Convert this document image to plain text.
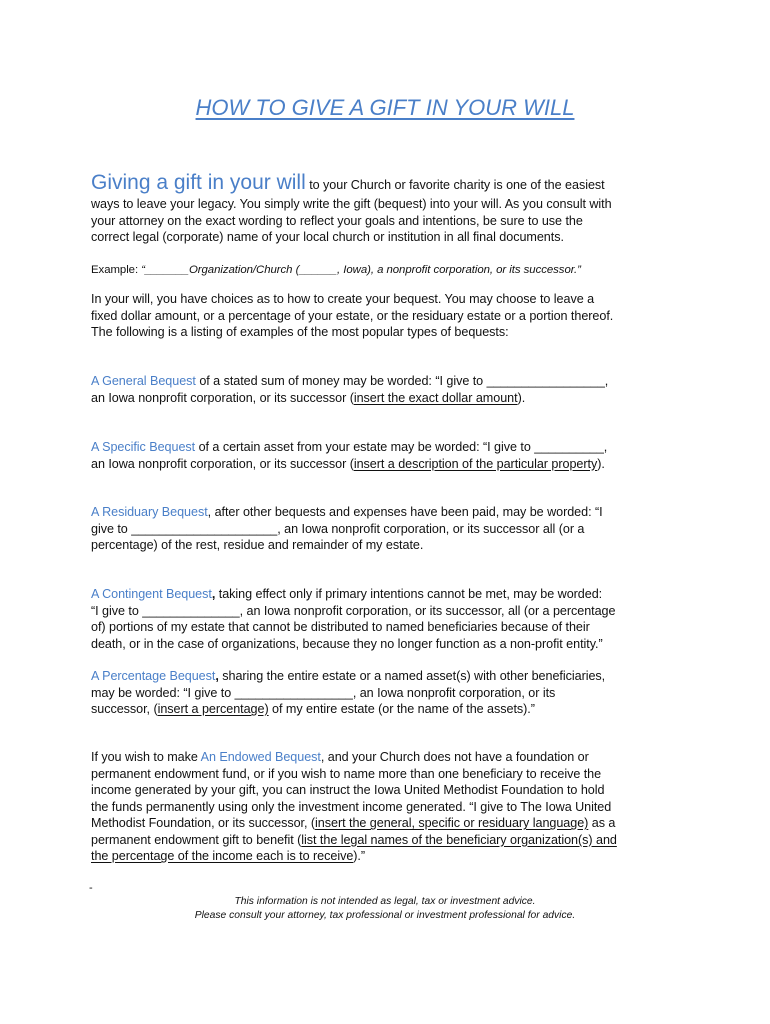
HOW TO GIVE A GIFT IN YOUR WILL
Giving a gift in your will to your Church or favorite charity is one of the easiest
ways to leave your legacy. You simply write the gift (bequest) into your will. As you consult with
your attorney on the exact wording to reflect your goals and intentions, be sure to use the
correct legal (corporate) name of your local church or institution in all final documents.
Example: “_______Organization/Church (______, Iowa), a nonprofit corporation, or its successor.”
In your will, you have choices as to how to create your bequest. You may choose to leave a
fixed dollar amount, or a percentage of your estate, or the residuary estate or a portion thereof.
The following is a listing of examples of the most popular types of bequests:
A General Bequest of a stated sum of money may be worded: “I give to _________________,
an Iowa nonprofit corporation, or its successor (insert the exact dollar amount).
A Specific Bequest of a certain asset from your estate may be worded: “I give to __________,
an Iowa nonprofit corporation, or its successor (insert a description of the particular property).
A Residuary Bequest, after other bequests and expenses have been paid, may be worded: “I
give to _____________________, an Iowa nonprofit corporation, or its successor all (or a
percentage) of the rest, residue and remainder of my estate.
A Contingent Bequest, taking effect only if primary intentions cannot be met, may be worded:
“I give to ______________, an Iowa nonprofit corporation, or its successor, all (or a percentage
of) portions of my estate that cannot be distributed to named beneficiaries because of their
death, or in the case of organizations, because they no longer function as a non-profit entity.”
A Percentage Bequest, sharing the entire estate or a named asset(s) with other beneficiaries,
may be worded: “I give to _________________, an Iowa nonprofit corporation, or its
successor, (insert a percentage) of my entire estate (or the name of the assets).”
If you wish to make An Endowed Bequest, and your Church does not have a foundation or
permanent endowment fund, or if you wish to name more than one beneficiary to receive the
income generated by your gift, you can instruct the Iowa United Methodist Foundation to hold
the funds permanently using only the investment income generated. “I give to The Iowa United
Methodist Foundation, or its successor, (insert the general, specific or residuary language) as a
permanent endowment gift to benefit (list the legal names of the beneficiary organization(s) and
the percentage of the income each is to receive).”
-
This information is not intended as legal, tax or investment advice.
Please consult your attorney, tax professional or investment professional for advice.
